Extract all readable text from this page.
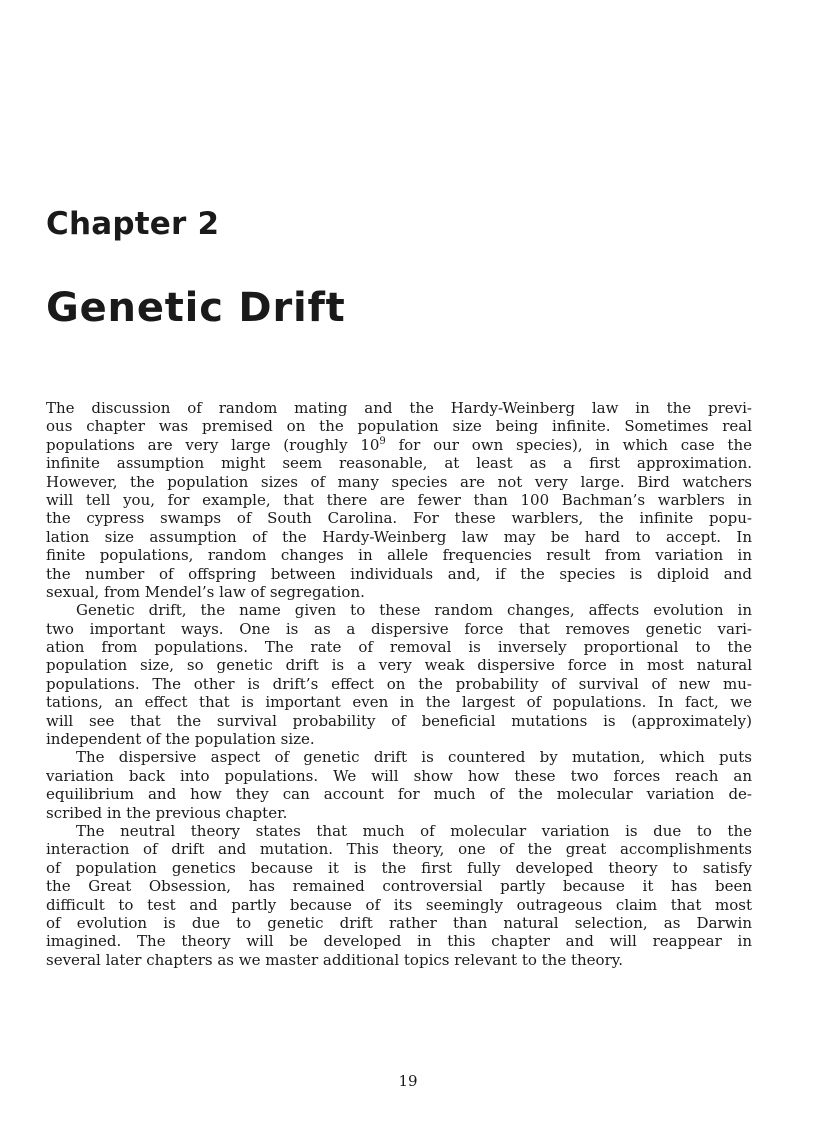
Chapter 2
Genetic Drift
The discussion of random mating and the Hardy-Weinberg law in the previ-
ous chapter was premised on the population size being infinite. Sometimes real
populations are very large (roughly $10^9$ for our own species), in which case the
infinite assumption might seem reasonable, at least as a first approximation.
However, the population sizes of many species are not very large. Bird watchers
will tell you, for example, that there are fewer than 100 Bachman’s warblers in
the cypress swamps of South Carolina. For these warblers, the infinite popu-
lation size assumption of the Hardy-Weinberg law may be hard to accept. In
finite populations, random changes in allele frequencies result from variation in
the number of offspring between individuals and, if the species is diploid and
sexual, from Mendel’s law of segregation.
Genetic drift, the name given to these random changes, affects evolution in
two important ways. One is as a dispersive force that removes genetic vari-
ation from populations. The rate of removal is inversely proportional to the
population size, so genetic drift is a very weak dispersive force in most natural
populations. The other is drift’s effect on the probability of survival of new mu-
tations, an effect that is important even in the largest of populations. In fact, we
will see that the survival probability of beneficial mutations is (approximately)
independent of the population size.
The dispersive aspect of genetic drift is countered by mutation, which puts
variation back into populations. We will show how these two forces reach an
equilibrium and how they can account for much of the molecular variation de-
scribed in the previous chapter.
The neutral theory states that much of molecular variation is due to the
interaction of drift and mutation. This theory, one of the great accomplishments
of population genetics because it is the first fully developed theory to satisfy
the Great Obsession, has remained controversial partly because it has been
difficult to test and partly because of its seemingly outrageous claim that most
of evolution is due to genetic drift rather than natural selection, as Darwin
imagined. The theory will be developed in this chapter and will reappear in
several later chapters as we master additional topics relevant to the theory.
19
